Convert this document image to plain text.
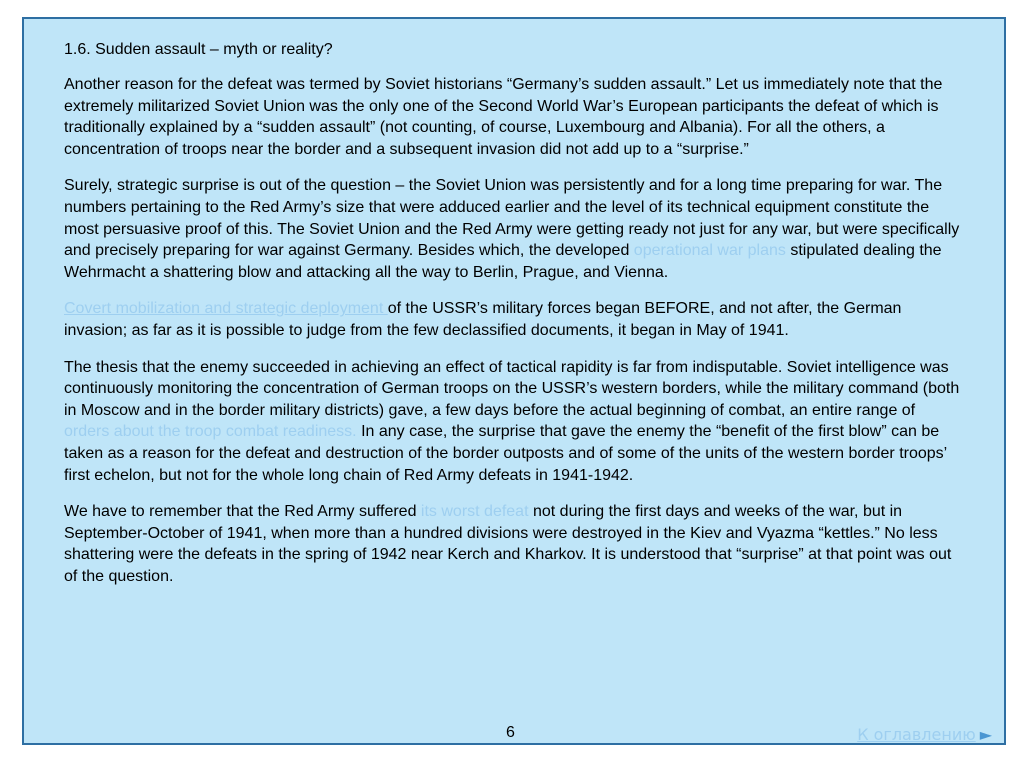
1.6. Sudden assault – myth or reality?

Another reason for the defeat was termed by Soviet historians “Germany’s sudden assault.” Let us immediately note that the extremely militarized Soviet Union was the only one of the Second World War’s European participants the defeat of which is traditionally explained by a “sudden assault” (not counting, of course, Luxembourg and Albania). For all the others, a concentration of troops near the border and a subsequent invasion did not add up to a “surprise.”

Surely, strategic surprise is out of the question – the Soviet Union was persistently and for a long time preparing for war. The numbers pertaining to the Red Army’s size that were adduced earlier and the level of its technical equipment constitute the most persuasive proof of this. The Soviet Union and the Red Army were getting ready not just for any war, but were specifically and precisely preparing for war against Germany. Besides which, the developed operational war plans stipulated dealing the Wehrmacht a shattering blow and attacking all the way to Berlin, Prague, and Vienna.

Covert mobilization and strategic deployment of the USSR’s military forces began BEFORE, and not after, the German invasion; as far as it is possible to judge from the few declassified documents, it began in May of 1941.

The thesis that the enemy succeeded in achieving an effect of tactical rapidity is far from indisputable. Soviet intelligence was continuously monitoring the concentration of German troops on the USSR’s western borders, while the military command (both in Moscow and in the border military districts) gave, a few days before the actual beginning of combat, an entire range of orders about the troop combat readiness. In any case, the surprise that gave the enemy the “benefit of the first blow” can be taken as a reason for the defeat and destruction of the border outposts and of some of the units of the western border troops’ first echelon, but not for the whole long chain of Red Army defeats in 1941-1942.

We have to remember that the Red Army suffered its worst defeat not during the first days and weeks of the war, but in September-October of 1941, when more than a hundred divisions were destroyed in the Kiev and Vyazma “kettles.” No less shattering were the defeats in the spring of 1942 near Kerch and Kharkov. It is understood that “surprise” at that point was out of the question.

6	К оглавлению ►
